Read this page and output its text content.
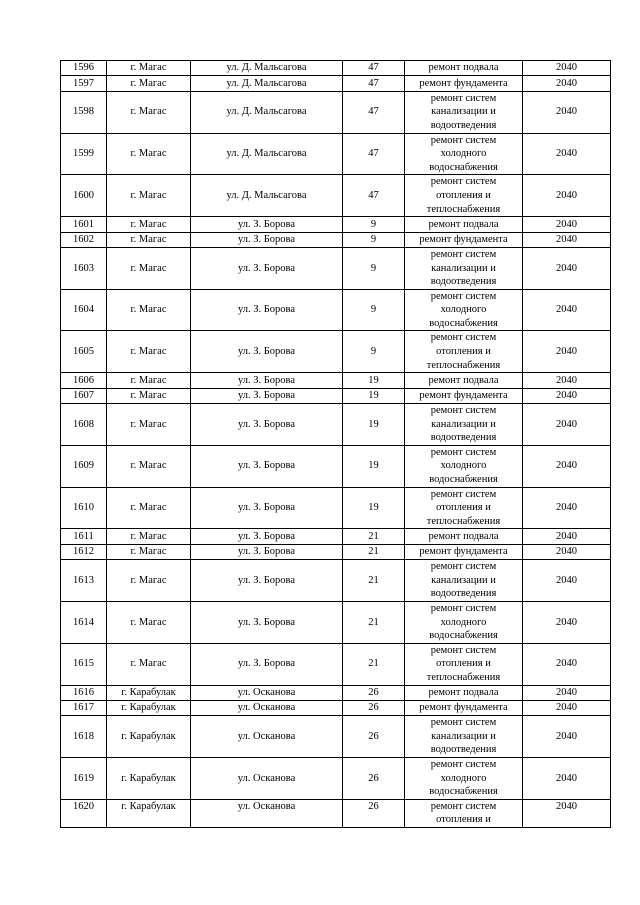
1596	г. Магас	ул. Д. Мальсагова	47	ремонт подвала	2040
1597	г. Магас	ул. Д. Мальсагова	47	ремонт фундамента	2040
1598	г. Магас	ул. Д. Мальсагова	47	ремонт систем канализации и водоотведения	2040
1599	г. Магас	ул. Д. Мальсагова	47	ремонт систем холодного водоснабжения	2040
1600	г. Магас	ул. Д. Мальсагова	47	ремонт систем отопления и теплоснабжения	2040
1601	г. Магас	ул. З. Борова	9	ремонт подвала	2040
1602	г. Магас	ул. З. Борова	9	ремонт фундамента	2040
1603	г. Магас	ул. З. Борова	9	ремонт систем канализации и водоотведения	2040
1604	г. Магас	ул. З. Борова	9	ремонт систем холодного водоснабжения	2040
1605	г. Магас	ул. З. Борова	9	ремонт систем отопления и теплоснабжения	2040
1606	г. Магас	ул. З. Борова	19	ремонт подвала	2040
1607	г. Магас	ул. З. Борова	19	ремонт фундамента	2040
1608	г. Магас	ул. З. Борова	19	ремонт систем канализации и водоотведения	2040
1609	г. Магас	ул. З. Борова	19	ремонт систем холодного водоснабжения	2040
1610	г. Магас	ул. З. Борова	19	ремонт систем отопления и теплоснабжения	2040
1611	г. Магас	ул. З. Борова	21	ремонт подвала	2040
1612	г. Магас	ул. З. Борова	21	ремонт фундамента	2040
1613	г. Магас	ул. З. Борова	21	ремонт систем канализации и водоотведения	2040
1614	г. Магас	ул. З. Борова	21	ремонт систем холодного водоснабжения	2040
1615	г. Магас	ул. З. Борова	21	ремонт систем отопления и теплоснабжения	2040
1616	г. Карабулак	ул. Осканова	26	ремонт подвала	2040
1617	г. Карабулак	ул. Осканова	26	ремонт фундамента	2040
1618	г. Карабулак	ул. Осканова	26	ремонт систем канализации и водоотведения	2040
1619	г. Карабулак	ул. Осканова	26	ремонт систем холодного водоснабжения	2040
1620	г. Карабулак	ул. Осканова	26	ремонт систем отопления и	2040
